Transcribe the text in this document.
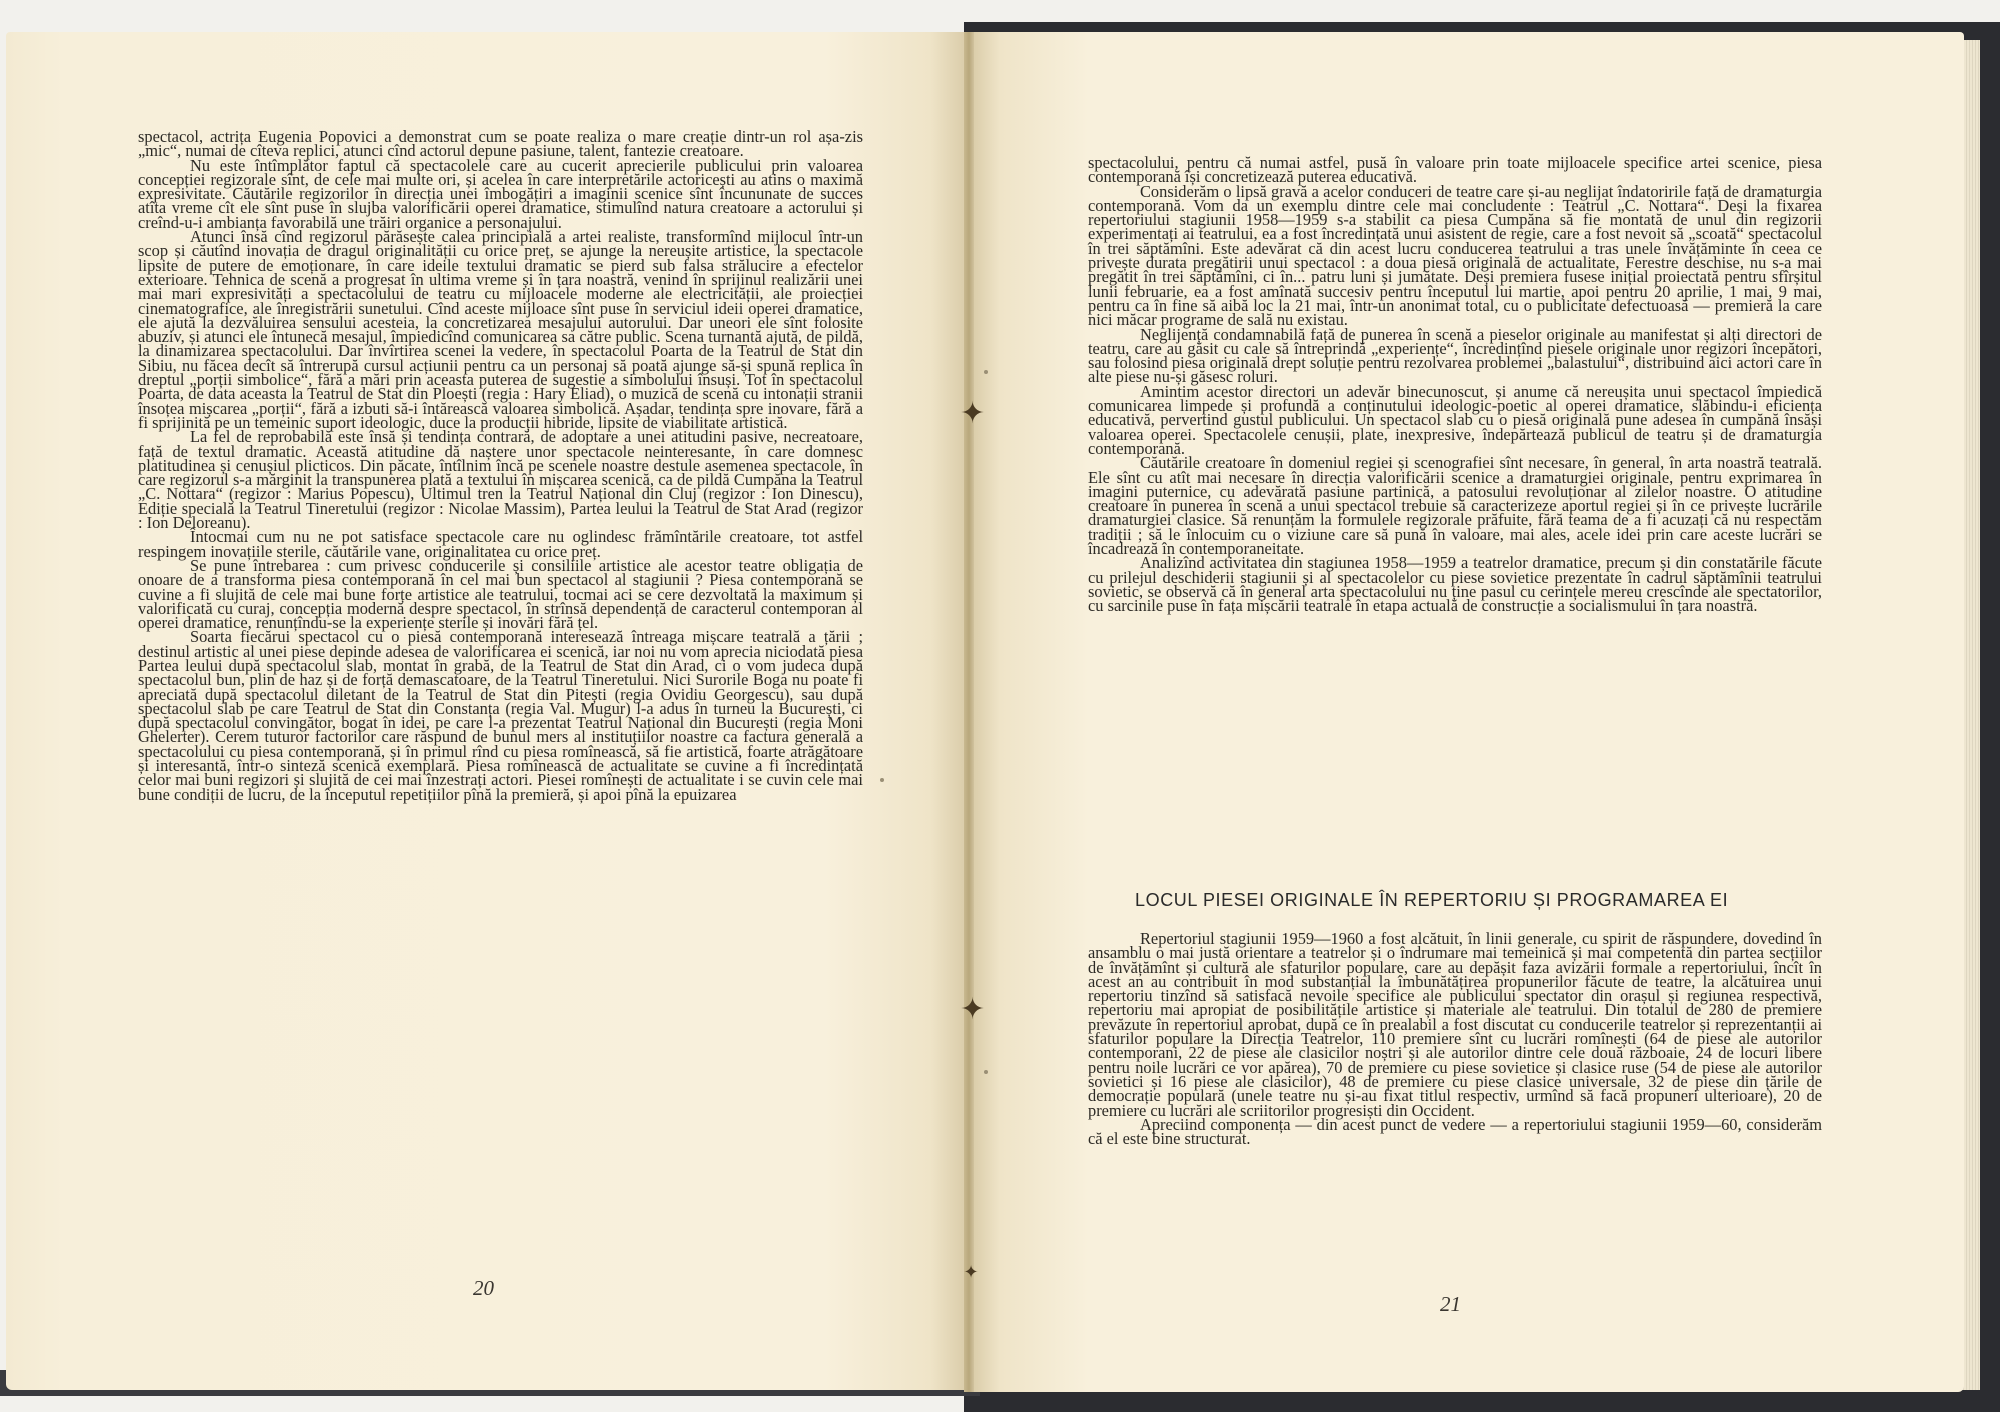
✦
✦
✦

spectacol, actrița Eugenia Popovici a demonstrat cum se poate realiza o mare creație dintr-un rol așa-zis „mic“, numai de cîteva replici, atunci cînd actorul depune pasiune, talent, fantezie creatoare.

Nu este întîmplător faptul că spectacolele care au cucerit aprecierile publicului prin valoarea concepției regizorale sînt, de cele mai multe ori, și acelea în care interpretările actoricești au atins o maximă expresivitate. Căutările regizorilor în direcția unei îmbogățiri a imaginii scenice sînt încununate de succes atîta vreme cît ele sînt puse în slujba valorificării operei dramatice, stimulînd natura creatoare a actorului și creînd-u-i ambianța favorabilă une trăiri organice a personajului.

Atunci însă cînd regizorul părăsește calea principială a artei realiste, transformînd mijlocul într-un scop și căutînd inovația de dragul originalității cu orice preț, se ajunge la nereușite artistice, la spectacole lipsite de putere de emoționare, în care ideile textului dramatic se pierd sub falsa strălucire a efectelor exterioare. Tehnica de scenă a progresat în ultima vreme și în țara noastră, venind în sprijinul realizării unei mai mari expresivități a spectacolului de teatru cu mijloacele moderne ale electricității, ale proiecției cinematografice, ale înregistrării sunetului. Cînd aceste mijloace sînt puse în serviciul ideii operei dramatice, ele ajută la dezvăluirea sensului acesteia, la concretizarea mesajului autorului. Dar uneori ele sînt folosite abuziv, și atunci ele întunecă mesajul, împiedicînd comunicarea sa către public. Scena turnantă ajută, de pildă, la dinamizarea spectacolului. Dar învîrtirea scenei la vedere, în spectacolul Poarta de la Teatrul de Stat din Sibiu, nu făcea decît să întrerupă cursul acțiunii pentru ca un personaj să poată ajunge să-și spună replica în dreptul „porții simbolice“, fără a mări prin aceasta puterea de sugestie a simbolului însuși. Tot în spectacolul Poarta, de data aceasta la Teatrul de Stat din Ploești (regia : Hary Eliad), o muzică de scenă cu intonații stranii însoțea mișcarea „porții“, fără a izbuti să-i întărească valoarea simbolică. Așadar, tendința spre inovare, fără a fi sprijinită pe un temeinic suport ideologic, duce la producții hibride, lipsite de viabilitate artistică.

La fel de reprobabilă este însă și tendința contrară, de adoptare a unei atitudini pasive, necreatoare, față de textul dramatic. Această atitudine dă naștere unor spectacole neinteresante, în care domnesc platitudinea și cenușiul plicticos. Din păcate, întîlnim încă pe scenele noastre destule asemenea spectacole, în care regizorul s-a mărginit la transpunerea plată a textului în mișcarea scenică, ca de pildă Cumpăna la Teatrul „C. Nottara“ (regizor : Marius Popescu), Ultimul tren la Teatrul Național din Cluj (regizor : Ion Dinescu), Ediție specială la Teatrul Tineretului (regizor : Nicolae Massim), Partea leului la Teatrul de Stat Arad (regizor : Ion Deloreanu).

Întocmai cum nu ne pot satisface spectacole care nu oglindesc frămîntările creatoare, tot astfel respingem inovațiile sterile, căutările vane, originalitatea cu orice preț.

Se pune întrebarea : cum privesc conducerile și consiliile artistice ale acestor teatre obligația de onoare de a transforma piesa contemporană în cel mai bun spectacol al stagiunii ? Piesa contemporană se cuvine a fi slujită de cele mai bune forțe artistice ale teatrului, tocmai aci se cere dezvoltată la maximum și valorificată cu curaj, concepția modernă despre spectacol, în strînsă dependență de caracterul contemporan al operei dramatice, renunțîndu-se la experiențe sterile și inovări fără țel.

Soarta fiecărui spectacol cu o piesă contemporană interesează întreaga mișcare teatrală a țării ; destinul artistic al unei piese depinde adesea de valorificarea ei scenică, iar noi nu vom aprecia niciodată piesa Partea leului după spectacolul slab, montat în grabă, de la Teatrul de Stat din Arad, ci o vom judeca după spectacolul bun, plin de haz și de forță demascatoare, de la Teatrul Tineretului. Nici Surorile Boga nu poate fi apreciată după spectacolul diletant de la Teatrul de Stat din Pitești (regia Ovidiu Georgescu), sau după spectacolul slab pe care Teatrul de Stat din Constanța (regia Val. Mugur) l-a adus în turneu la București, ci după spectacolul convingător, bogat în idei, pe care l-a prezentat Teatrul Național din București (regia Moni Ghelerter). Cerem tuturor factorilor care răspund de bunul mers al instituțiilor noastre ca factura generală a spectacolului cu piesa contemporană, și în primul rînd cu piesa romînească, să fie artistică, foarte atrăgătoare și interesantă, într-o sinteză scenică exemplară. Piesa romînească de actualitate se cuvine a fi încredințată celor mai buni regizori și slujită de cei mai înzestrați actori. Piesei romînești de actualitate i se cuvin cele mai bune condiții de lucru, de la începutul repetițiilor pînă la premieră, și apoi pînă la epuizarea

spectacolului, pentru că numai astfel, pusă în valoare prin toate mijloacele specifice artei scenice, piesa contemporană își concretizează puterea educativă.

Considerăm o lipsă gravă a acelor conduceri de teatre care și-au neglijat îndatoririle față de dramaturgia contemporană. Vom da un exemplu dintre cele mai concludente : Teatrul „C. Nottara“. Deși la fixarea repertoriului stagiunii 1958—1959 s-a stabilit ca piesa Cumpăna să fie montată de unul din regizorii experimentați ai teatrului, ea a fost încredințată unui asistent de regie, care a fost nevoit să „scoată“ spectacolul în trei săptămîni. Este adevărat că din acest lucru conducerea teatrului a tras unele învățăminte în ceea ce privește durata pregătirii unui spectacol : a doua piesă originală de actualitate, Ferestre deschise, nu s-a mai pregătit în trei săptămîni, ci în... patru luni și jumătate. Deși premiera fusese inițial proiectată pentru sfîrșitul lunii februarie, ea a fost amînată succesiv pentru începutul lui martie, apoi pentru 20 aprilie, 1 mai, 9 mai, pentru ca în fine să aibă loc la 21 mai, într-un anonimat total, cu o publicitate defectuoasă — premieră la care nici măcar programe de sală nu existau.

Neglijență condamnabilă față de punerea în scenă a pieselor originale au manifestat și alți directori de teatru, care au găsit cu cale să întreprindă „experiențe“, încredințînd piesele originale unor regizori începători, sau folosind piesa originală drept soluție pentru rezolvarea problemei „balastului“, distribuind aici actori care în alte piese nu-și găsesc roluri.

Amintim acestor directori un adevăr binecunoscut, și anume că nereușita unui spectacol împiedică comunicarea limpede și profundă a conținutului ideologic-poetic al operei dramatice, slăbindu-i eficiența educativă, pervertind gustul publicului. Un spectacol slab cu o piesă originală pune adesea în cumpănă însăși valoarea operei. Spectacolele cenușii, plate, inexpresive, îndepărtează publicul de teatru și de dramaturgia contemporană.

Căutările creatoare în domeniul regiei și scenografiei sînt necesare, în general, în arta noastră teatrală. Ele sînt cu atît mai necesare în direcția valorificării scenice a dramaturgiei originale, pentru exprimarea în imagini puternice, cu adevărată pasiune partinică, a patosului revoluționar al zilelor noastre. O atitudine creatoare în punerea în scenă a unui spectacol trebuie să caracterizeze aportul regiei și în ce privește lucrările dramaturgiei clasice. Să renunțăm la formulele regizorale prăfuite, fără teama de a fi acuzați că nu respectăm tradiții ; să le înlocuim cu o viziune care să pună în valoare, mai ales, acele idei prin care aceste lucrări se încadrează în contemporaneitate.

Analizînd activitatea din stagiunea 1958—1959 a teatrelor dramatice, precum și din constatările făcute cu prilejul deschiderii stagiunii și al spectacolelor cu piese sovietice prezentate în cadrul săptămînii teatrului sovietic, se observă că în general arta spectacolului nu ține pasul cu cerințele mereu crescînde ale spectatorilor, cu sarcinile puse în fața mișcării teatrale în etapa actuală de construcție a socialismului în țara noastră.

LOCUL PIESEI ORIGINALE ÎN REPERTORIU ȘI PROGRAMAREA EI

Repertoriul stagiunii 1959—1960 a fost alcătuit, în linii generale, cu spirit de răspundere, dovedind în ansamblu o mai justă orientare a teatrelor și o îndrumare mai temeinică și mai competentă din partea secțiilor de învățămînt și cultură ale sfaturilor populare, care au depășit faza avizării formale a repertoriului, încît în acest an au contribuit în mod substanțial la îmbunătățirea propunerilor făcute de teatre, la alcătuirea unui repertoriu tinzînd să satisfacă nevoile specifice ale publicului spectator din orașul și regiunea respectivă, repertoriu mai apropiat de posibilitățile artistice și materiale ale teatrului. Din totalul de 280 de premiere prevăzute în repertoriul aprobat, după ce în prealabil a fost discutat cu conducerile teatrelor și reprezentanții ai sfaturilor populare la Direcția Teatrelor, 110 premiere sînt cu lucrări romînești (64 de piese ale autorilor contemporani, 22 de piese ale clasicilor noștri și ale autorilor dintre cele două războaie, 24 de locuri libere pentru noile lucrări ce vor apărea), 70 de premiere cu piese sovietice și clasice ruse (54 de piese ale autorilor sovietici și 16 piese ale clasicilor), 48 de premiere cu piese clasice universale, 32 de piese din țările de democrație populară (unele teatre nu și-au fixat titlul respectiv, urmînd să facă propuneri ulterioare), 20 de premiere cu lucrări ale scriitorilor progresiști din Occident.

Apreciind componența — din acest punct de vedere — a repertoriului stagiunii 1959—60, considerăm că el este bine structurat.

20
21
